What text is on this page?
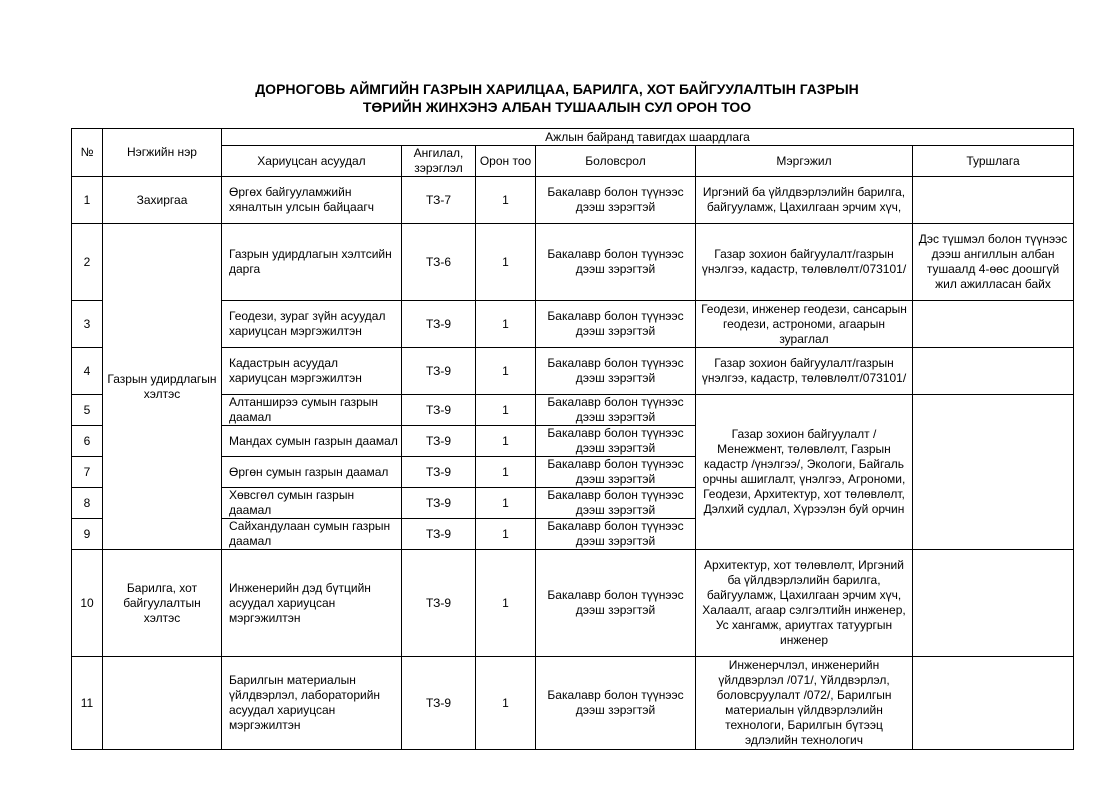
ДОРНОГОВЬ АЙМГИЙН ГАЗРЫН ХАРИЛЦАА, БАРИЛГА, ХОТ БАЙГУУЛАЛТЫН ГАЗРЫН
ТӨРИЙН ЖИНХЭНЭ АЛБАН ТУШААЛЫН СУЛ ОРОН ТОО
№	Нэгжийн нэр	Ажлын байранд тавигдах шаардлага					
		Хариуцсан асуудал	Ангилал, зэрэглэл	Орон тоо	Боловсрол	Мэргэжил	Туршлага
1	Захиргаа	Өргөх байгууламжийн хяналтын улсын байцаагч	ТЗ-7	1	Бакалавр болон түүнээс дээш зэрэгтэй	Иргэний ба үйлдвэрлэлийн барилга, байгууламж, Цахилгаан эрчим хүч,	
2	Газрын удирдлагын хэлтэс	Газрын удирдлагын хэлтсийн дарга	ТЗ-6	1	Бакалавр болон түүнээс дээш зэрэгтэй	Газар зохион байгуулалт/газрын үнэлгээ, кадастр, төлөвлөлт/073101/	Дэс түшмэл болон түүнээс дээш ангиллын албан тушаалд 4-өөс доошгүй жил ажилласан байх
3		Геодези, зураг зүйн асуудал хариуцсан мэргэжилтэн	ТЗ-9	1	Бакалавр болон түүнээс дээш зэрэгтэй	Геодези, инженер геодези, сансарын геодези, астрономи, агаарын зураглал	
4		Кадастрын асуудал хариуцсан мэргэжилтэн	ТЗ-9	1	Бакалавр болон түүнээс дээш зэрэгтэй	Газар зохион байгуулалт/газрын үнэлгээ, кадастр, төлөвлөлт/073101/	
5		Алтанширээ сумын газрын даамал	ТЗ-9	1	Бакалавр болон түүнээс дээш зэрэгтэй	Газар зохион байгуулалт /Менежмент, төлөвлөлт, Газрын кадастр /үнэлгээ/, Экологи, Байгаль орчны ашиглалт, үнэлгээ, Агрономи, Геодези, Архитектур, хот төлөвлөлт, Дэлхий судлал, Хүрээлэн буй орчин	
6		Мандах сумын газрын даамал	ТЗ-9	1	Бакалавр болон түүнээс дээш зэрэгтэй		
7		Өргөн сумын газрын даамал	ТЗ-9	1	Бакалавр болон түүнээс дээш зэрэгтэй		
8		Хөвсгөл сумын газрын даамал	ТЗ-9	1	Бакалавр болон түүнээс дээш зэрэгтэй		
9		Сайхандулаан сумын газрын даамал	ТЗ-9	1	Бакалавр болон түүнээс дээш зэрэгтэй		
10	Барилга, хот байгуулалтын хэлтэс	Инженерийн дэд бүтцийн асуудал хариуцсан мэргэжилтэн	ТЗ-9	1	Бакалавр болон түүнээс дээш зэрэгтэй	Архитектур, хот төлөвлөлт, Иргэний ба үйлдвэрлэлийн барилга, байгууламж, Цахилгаан эрчим хүч, Халаалт, агаар сэлгэлтийн инженер, Ус хангамж, ариутгах татуургын инженер	
11		Барилгын материалын үйлдвэрлэл, лабораторийн асуудал хариуцсан мэргэжилтэн	ТЗ-9	1	Бакалавр болон түүнээс дээш зэрэгтэй	Инженерчлэл, инженерийн үйлдвэрлэл /071/, Үйлдвэрлэл, боловсруулалт /072/, Барилгын материалын үйлдвэрлэлийн технологи, Барилгын бүтээц эдлэлийн технологич	
